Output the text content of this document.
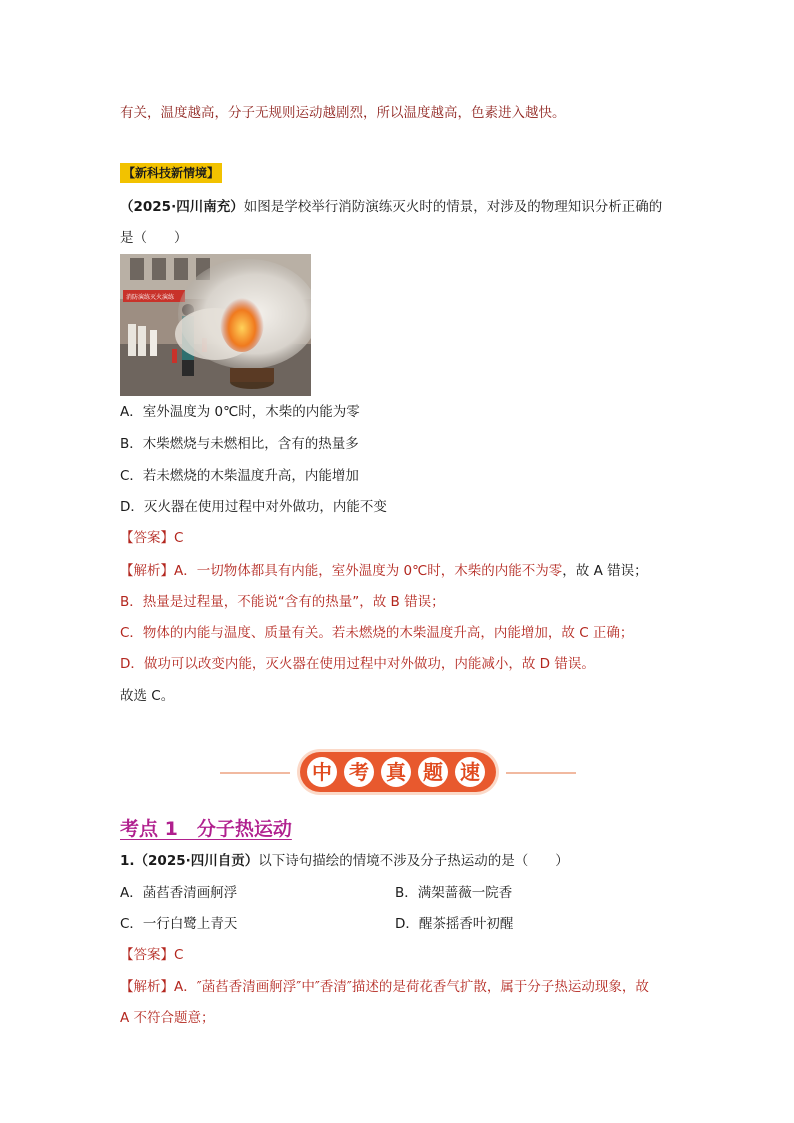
有关，温度越高，分子无规则运动越剧烈，所以温度越高，色素进入越快。
【新科技新情境】
（2025·四川南充）如图是学校举行消防演练灭火时的情景，对涉及的物理知识分析正确的
是（　　）
消防演练灭火演练
A．室外温度为 0℃时，木柴的内能为零
B．木柴燃烧与未燃相比，含有的热量多
C．若未燃烧的木柴温度升高，内能增加
D．灭火器在使用过程中对外做功，内能不变
【答案】C
【解析】A．一切物体都具有内能，室外温度为 0℃时，木柴的内能不为零，故 A 错误；
B．热量是过程量，不能说“含有的热量”，故 B 错误；
C．物体的内能与温度、质量有关。若未燃烧的木柴温度升高，内能增加，故 C 正确；
D．做功可以改变内能，灭火器在使用过程中对外做功，内能减小，故 D 错误。
故选 C。
中 考 真 题 速
考点 1　分子热运动
1.（2025·四川自贡）以下诗句描绘的情境不涉及分子热运动的是（　　）
A．菡萏香清画舸浮	B．满架蔷薇一院香
C．一行白鹭上青天	D．醒茶摇香叶初醒
【答案】C
【解析】A．″菡萏香清画舸浮″中″香清″描述的是荷花香气扩散，属于分子热运动现象，故
A 不符合题意；
